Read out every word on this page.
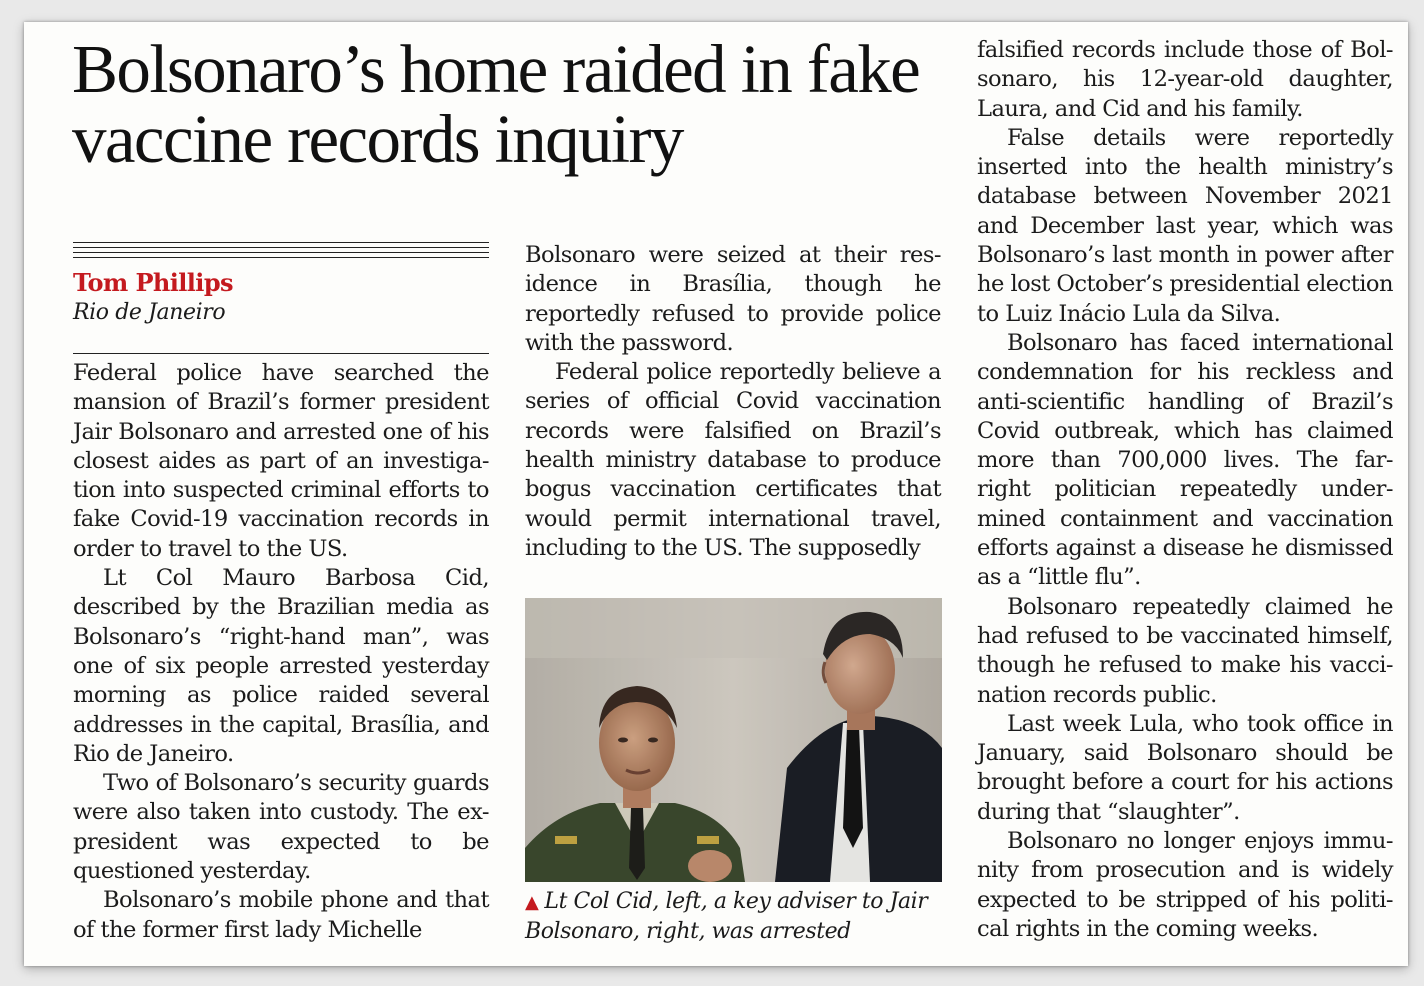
Bolsonaro’s home raided in fake vaccine records inquiry
Tom Phillips
Rio de Janeiro

Federal police have searched the mansion of Brazil’s former president Jair Bolsonaro and arrested one of his closest aides as part of an investiga-tion into suspected criminal efforts to fake Covid-19 vaccination records in order to travel to the US.

Lt Col Mauro Barbosa Cid, described by the Brazilian media as Bolsonaro’s “right-hand man”, was one of six people arrested yesterday morning as police raided several addresses in the capital, Brasília, and Rio de Janeiro.

Two of Bolsonaro’s security guards were also taken into custody. The ex-president was expected to be questioned yesterday.

Bolsonaro’s mobile phone and that of the former first lady Michelle

Bolsonaro were seized at their res-idence in Brasília, though he reportedly refused to provide police with the password.

Federal police reportedly believe a series of official Covid vaccination records were falsified on Brazil’s health ministry database to produce bogus vaccination certificates that would permit international travel, including to the US. The supposedly

▲ Lt Col Cid, left, a key adviser to Jair Bolsonaro, right, was arrested

falsified records include those of Bol-sonaro, his 12-year-old daughter, Laura, and Cid and his family.

False details were reportedly inserted into the health ministry’s database between November 2021 and December last year, which was Bolsonaro’s last month in power after he lost October’s presidential election to Luiz Inácio Lula da Silva.

Bolsonaro has faced international condemnation for his reckless and anti-scientific handling of Brazil’s Covid outbreak, which has claimed more than 700,000 lives. The far-right politician repeatedly under-mined containment and vaccination efforts against a disease he dismissed as a “little flu”.

Bolsonaro repeatedly claimed he had refused to be vaccinated himself, though he refused to make his vacci-nation records public.

Last week Lula, who took office in January, said Bolsonaro should be brought before a court for his actions during that “slaughter”.

Bolsonaro no longer enjoys immu-nity from prosecution and is widely expected to be stripped of his politi-cal rights in the coming weeks.
